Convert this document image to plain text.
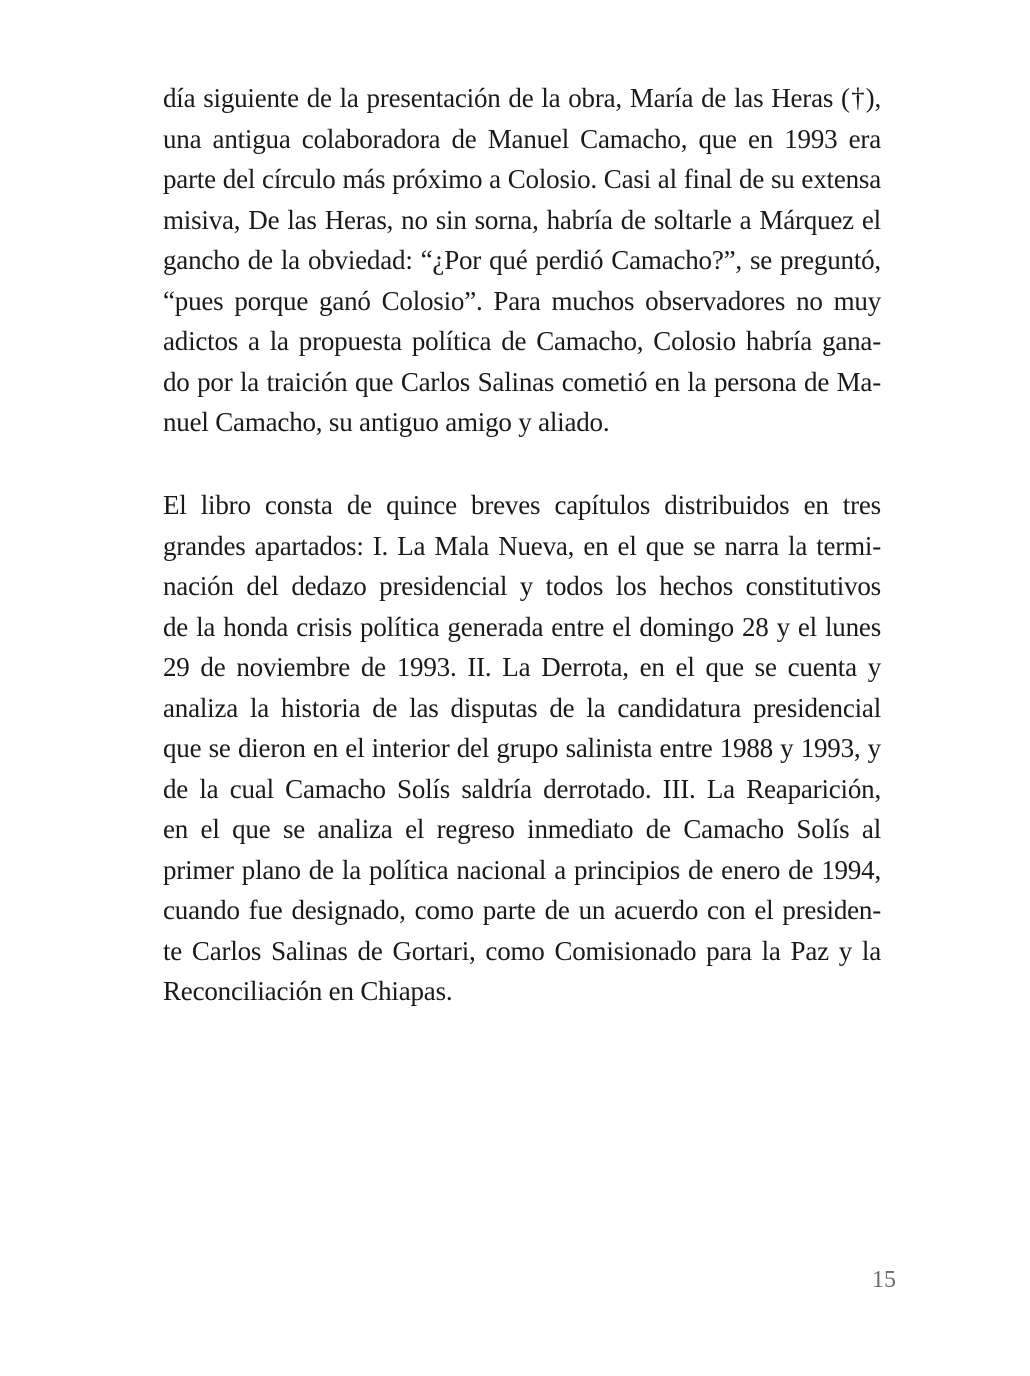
día siguiente de la presentación de la obra, María de las Heras (†),
una antigua colaboradora de Manuel Camacho, que en 1993 era
parte del círculo más próximo a Colosio. Casi al final de su extensa
misiva, De las Heras, no sin sorna, habría de soltarle a Márquez el
gancho de la obviedad: “¿Por qué perdió Camacho?”, se preguntó,
“pues porque ganó Colosio”. Para muchos observadores no muy
adictos a la propuesta política de Camacho, Colosio habría gana-
do por la traición que Carlos Salinas cometió en la persona de Ma-
nuel Camacho, su antiguo amigo y aliado.

El libro consta de quince breves capítulos distribuidos en tres
grandes apartados: I. La Mala Nueva, en el que se narra la termi-
nación del dedazo presidencial y todos los hechos constitutivos
de la honda crisis política generada entre el domingo 28 y el lunes
29 de noviembre de 1993. II. La Derrota, en el que se cuenta y
analiza la historia de las disputas de la candidatura presidencial
que se dieron en el interior del grupo salinista entre 1988 y 1993, y
de la cual Camacho Solís saldría derrotado. III. La Reaparición,
en el que se analiza el regreso inmediato de Camacho Solís al
primer plano de la política nacional a principios de enero de 1994,
cuando fue designado, como parte de un acuerdo con el presiden-
te Carlos Salinas de Gortari, como Comisionado para la Paz y la
Reconciliación en Chiapas.

15
